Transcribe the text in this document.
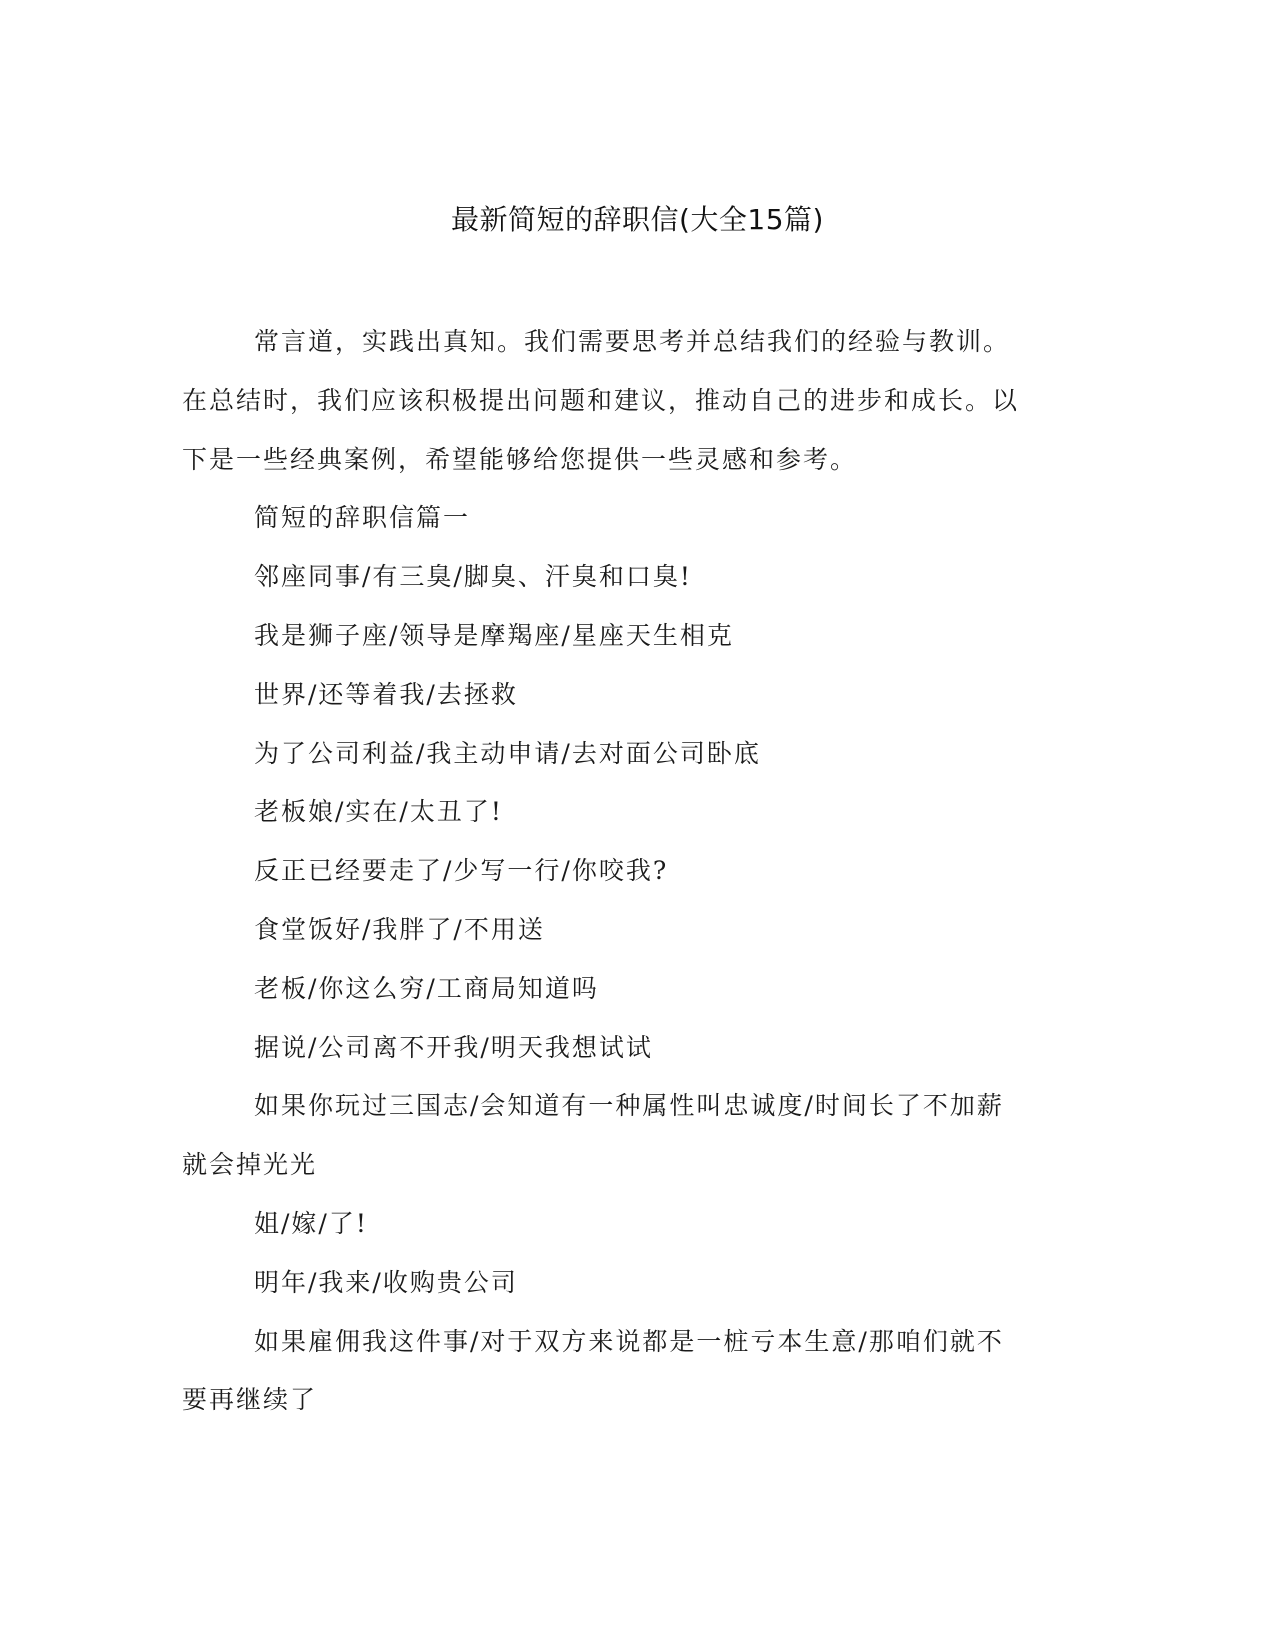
最新简短的辞职信(大全15篇)

常言道，实践出真知。我们需要思考并总结我们的经验与教训。在总结时，我们应该积极提出问题和建议，推动自己的进步和成长。以下是一些经典案例，希望能够给您提供一些灵感和参考。

简短的辞职信篇一

邻座同事/有三臭/脚臭、汗臭和口臭!

我是狮子座/领导是摩羯座/星座天生相克

世界/还等着我/去拯救

为了公司利益/我主动申请/去对面公司卧底

老板娘/实在/太丑了!

反正已经要走了/少写一行/你咬我?

食堂饭好/我胖了/不用送

老板/你这么穷/工商局知道吗

据说/公司离不开我/明天我想试试

如果你玩过三国志/会知道有一种属性叫忠诚度/时间长了不加薪就会掉光光

姐/嫁/了!

明年/我来/收购贵公司

如果雇佣我这件事/对于双方来说都是一桩亏本生意/那咱们就不要再继续了
